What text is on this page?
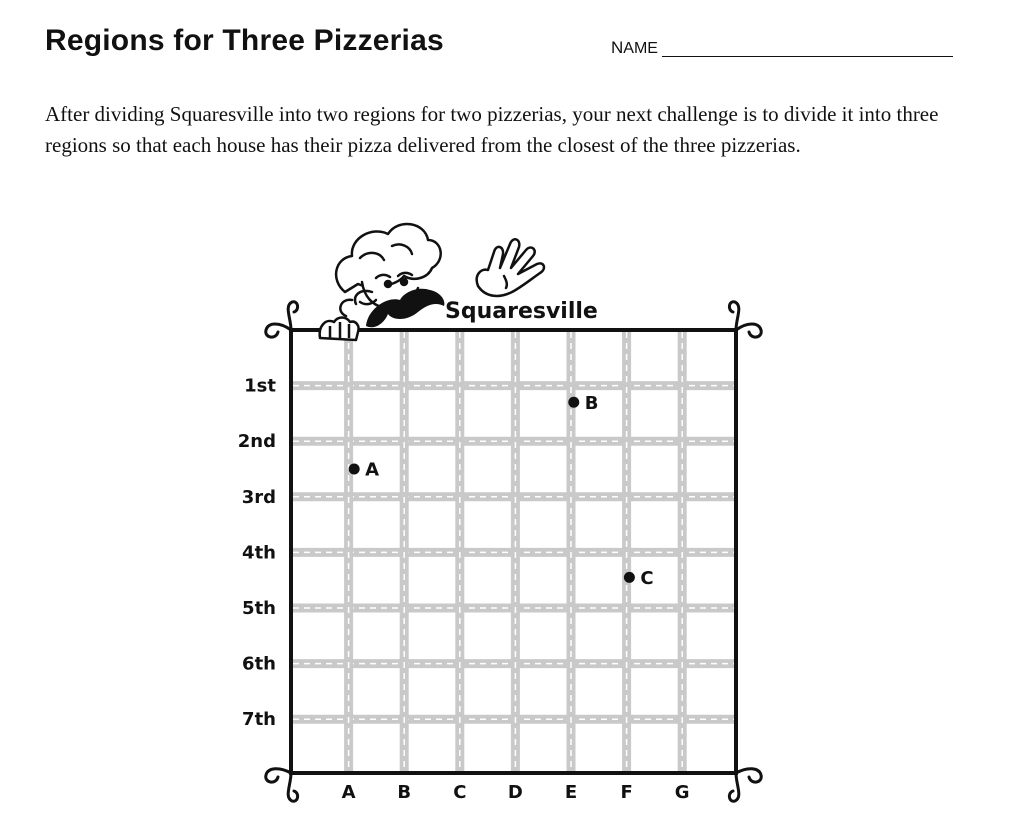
Regions for Three Pizzerias	NAME
After dividing Squaresville into two regions for two pizzerias, your next challenge is to divide it into three regions so that each house has their pizza delivered from the closest of the three pizzerias.
Squaresville
1st
2nd
3rd
4th
5th
6th
7th
A B C D E F G
A
B
C
